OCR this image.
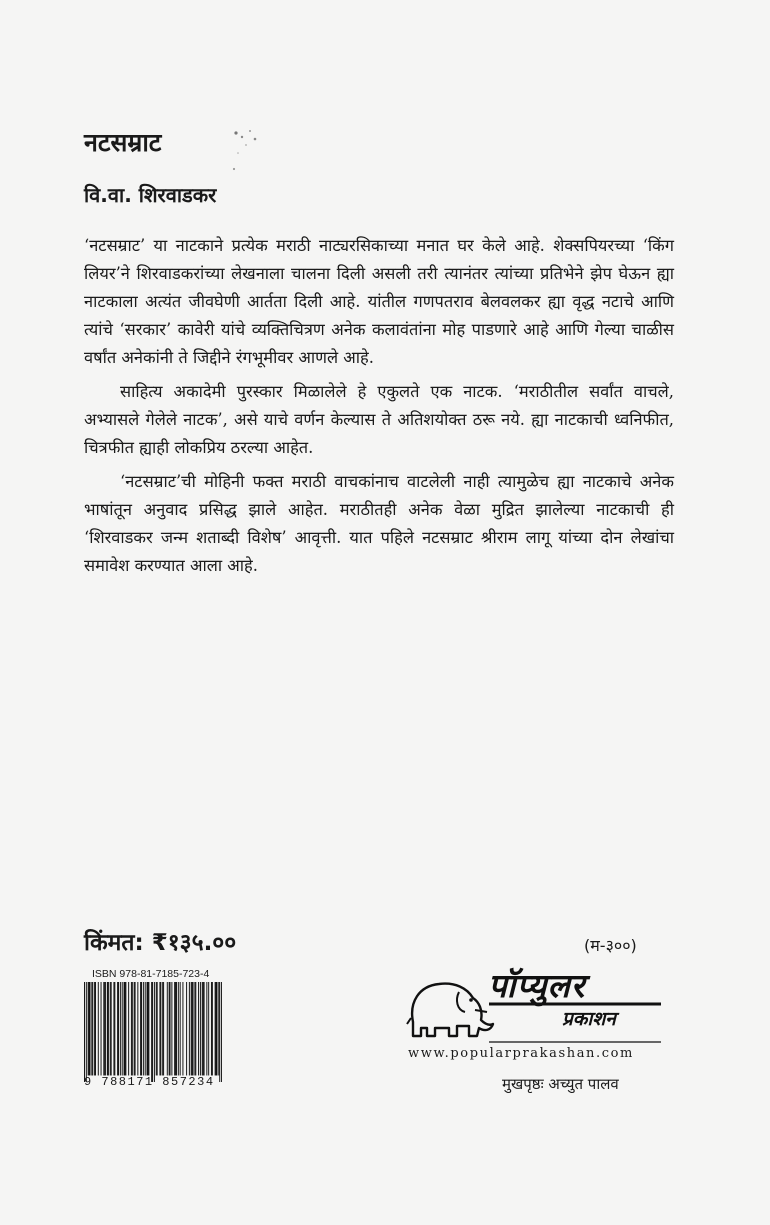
नटसम्राट
वि.वा. शिरवाडकर

‘नटसम्राट’ या नाटकाने प्रत्येक मराठी नाट्यरसिकाच्या मनात घर केले आहे. शेक्सपियरच्या ‘किंग लियर’ने शिरवाडकरांच्या लेखनाला चालना दिली असली तरी त्यानंतर त्यांच्या प्रतिभेने झेप घेऊन ह्या नाटकाला अत्यंत जीवघेणी आर्तता दिली आहे. यांतील गणपतराव बेलवलकर ह्या वृद्ध नटाचे आणि त्यांचे ‘सरकार’ कावेरी यांचे व्यक्तिचित्रण अनेक कलावंतांना मोह पाडणारे आहे आणि गेल्या चाळीस वर्षांत अनेकांनी ते जिद्दीने रंगभूमीवर आणले आहे.

साहित्य अकादेमी पुरस्कार मिळालेले हे एकुलते एक नाटक. ‘मराठीतील सर्वांत वाचले, अभ्यासले गेलेले नाटक’, असे याचे वर्णन केल्यास ते अतिशयोक्त ठरू नये. ह्या नाटकाची ध्वनिफीत, चित्रफीत ह्याही लोकप्रिय ठरल्या आहेत.

‘नटसम्राट’ची मोहिनी फक्त मराठी वाचकांनाच वाटलेली नाही त्यामुळेच ह्या नाटकाचे अनेक भाषांतून अनुवाद प्रसिद्ध झाले आहेत. मराठीतही अनेक वेळा मुद्रित झालेल्या नाटकाची ही ‘शिरवाडकर जन्म शताब्दी विशेष’ आवृत्ती. यात पहिले नटसम्राट श्रीराम लागू यांच्या दोन लेखांचा समावेश करण्यात आला आहे.

किंमत: ₹१३५.००	(म-३००)
ISBN 978-81-7185-723-4
9 788171 857234
पॉप्युलर
प्रकाशन
www.popularprakashan.com
मुखपृष्ठः अच्युत पालव
